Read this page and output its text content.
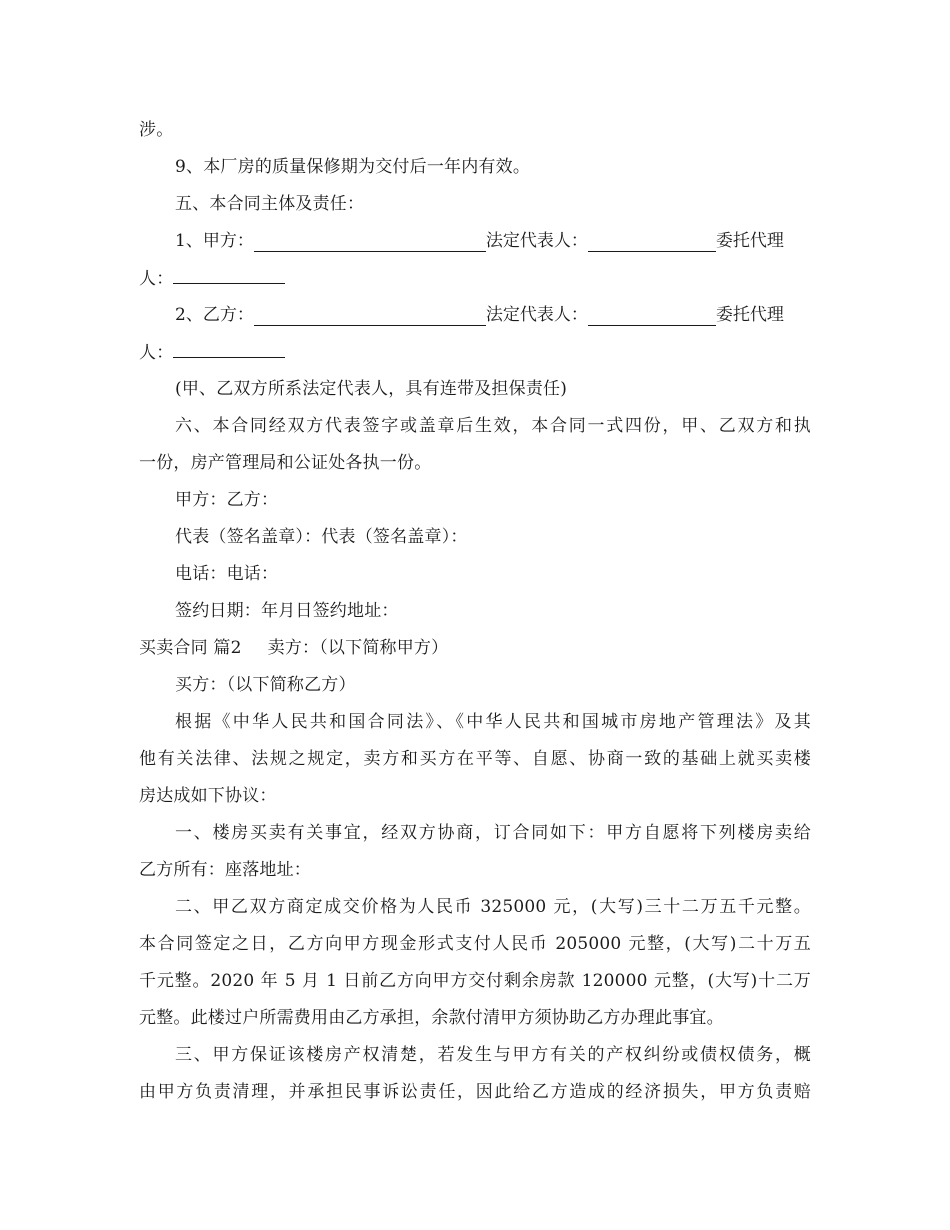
涉。
9、本厂房的质量保修期为交付后一年内有效。
五、本合同主体及责任：
1、甲方：	法定代表人：	委托代理
人：
2、乙方：	法定代表人：	委托代理
人：
(甲、乙双方所系法定代表人，具有连带及担保责任)
六、本合同经双方代表签字或盖章后生效，本合同一式四份，甲、乙双方和执
一份，房产管理局和公证处各执一份。
甲方：乙方：
代表（签名盖章）：代表（签名盖章）：
电话：电话：
签约日期：年月日签约地址：
买卖合同 篇2 卖方：（以下简称甲方）
买方：（以下简称乙方）
根据《中华人民共和国合同法》、《中华人民共和国城市房地产管理法》及其
他有关法律、法规之规定，卖方和买方在平等、自愿、协商一致的基础上就买卖楼
房达成如下协议：
一、楼房买卖有关事宜，经双方协商，订合同如下：甲方自愿将下列楼房卖给
乙方所有：座落地址：
二、甲乙双方商定成交价格为人民币 325000 元，(大写)三十二万五千元整。
本合同签定之日，乙方向甲方现金形式支付人民币 205000 元整，(大写)二十万五
千元整。2020 年 5 月 1 日前乙方向甲方交付剩余房款 120000 元整，(大写)十二万
元整。此楼过户所需费用由乙方承担，余款付清甲方须协助乙方办理此事宜。
三、甲方保证该楼房产权清楚，若发生与甲方有关的产权纠纷或债权债务，概
由甲方负责清理，并承担民事诉讼责任，因此给乙方造成的经济损失，甲方负责赔
